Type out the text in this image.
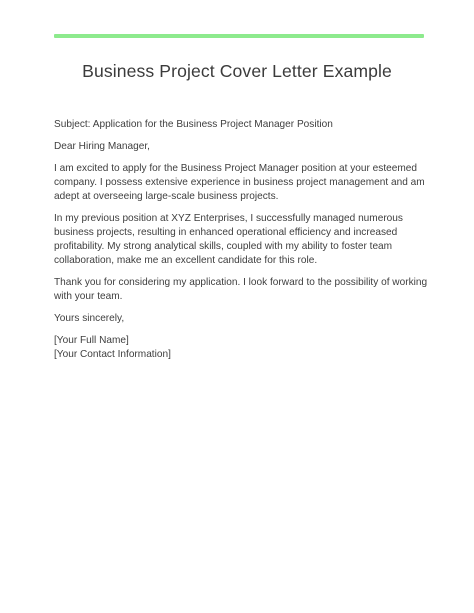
Business Project Cover Letter Example

Subject: Application for the Business Project Manager Position

Dear Hiring Manager,

I am excited to apply for the Business Project Manager position at your esteemed company. I possess extensive experience in business project management and am adept at overseeing large-scale business projects.

In my previous position at XYZ Enterprises, I successfully managed numerous business projects, resulting in enhanced operational efficiency and increased profitability. My strong analytical skills, coupled with my ability to foster team collaboration, make me an excellent candidate for this role.

Thank you for considering my application. I look forward to the possibility of working with your team.

Yours sincerely,

[Your Full Name]
[Your Contact Information]
